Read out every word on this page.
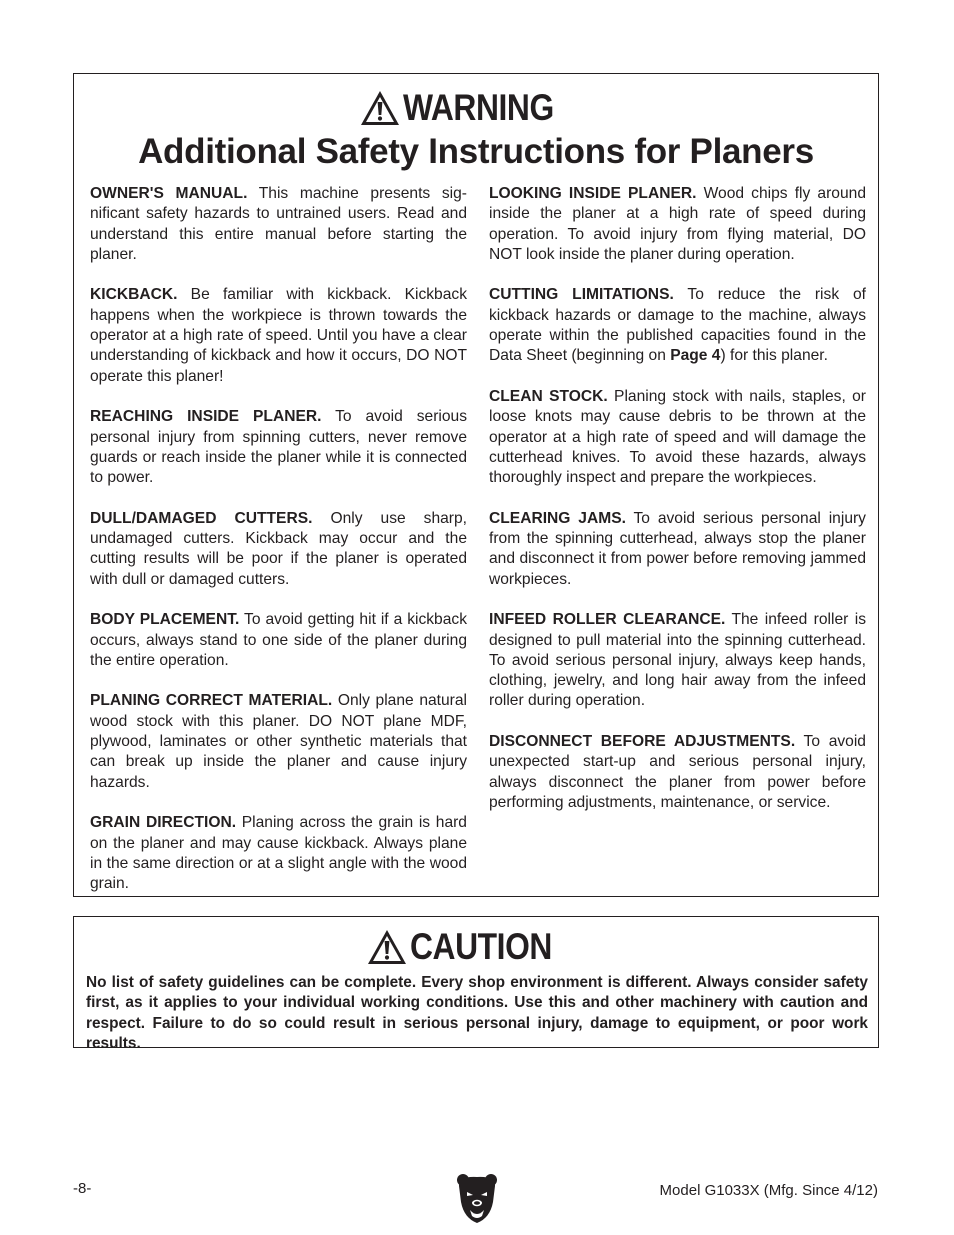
WARNING
Additional Safety Instructions for Planers

OWNER'S MANUAL. This machine presents significant safety hazards to untrained users. Read and understand this entire manual before starting the planer.

KICKBACK. Be familiar with kickback. Kickback happens when the workpiece is thrown towards the operator at a high rate of speed. Until you have a clear understanding of kickback and how it occurs, DO NOT operate this planer!

REACHING INSIDE PLANER. To avoid serious personal injury from spinning cutters, never remove guards or reach inside the planer while it is connected to power.

DULL/DAMAGED CUTTERS. Only use sharp, undamaged cutters. Kickback may occur and the cutting results will be poor if the planer is operated with dull or damaged cutters.

BODY PLACEMENT. To avoid getting hit if a kickback occurs, always stand to one side of the planer during the entire operation.

PLANING CORRECT MATERIAL. Only plane natural wood stock with this planer. DO NOT plane MDF, plywood, laminates or other synthetic materials that can break up inside the planer and cause injury hazards.

GRAIN DIRECTION. Planing across the grain is hard on the planer and may cause kickback. Always plane in the same direction or at a slight angle with the wood grain.

LOOKING INSIDE PLANER. Wood chips fly around inside the planer at a high rate of speed during operation. To avoid injury from flying material, DO NOT look inside the planer during operation.

CUTTING LIMITATIONS. To reduce the risk of kickback hazards or damage to the machine, always operate within the published capacities found in the Data Sheet (beginning on Page 4) for this planer.

CLEAN STOCK. Planing stock with nails, staples, or loose knots may cause debris to be thrown at the operator at a high rate of speed and will damage the cutterhead knives. To avoid these hazards, always thoroughly inspect and prepare the workpieces.

CLEARING JAMS. To avoid serious personal injury from the spinning cutterhead, always stop the planer and disconnect it from power before removing jammed workpieces.

INFEED ROLLER CLEARANCE. The infeed roller is designed to pull material into the spinning cutterhead. To avoid serious personal injury, always keep hands, clothing, jewelry, and long hair away from the infeed roller during operation.

DISCONNECT BEFORE ADJUSTMENTS. To avoid unexpected start-up and serious personal injury, always disconnect the planer from power before performing adjustments, maintenance, or service.

CAUTION
No list of safety guidelines can be complete. Every shop environment is different. Always consider safety first, as it applies to your individual working conditions. Use this and other machinery with caution and respect. Failure to do so could result in serious personal injury, damage to equipment, or poor work results.
-8-	Model G1033X (Mfg. Since 4/12)
